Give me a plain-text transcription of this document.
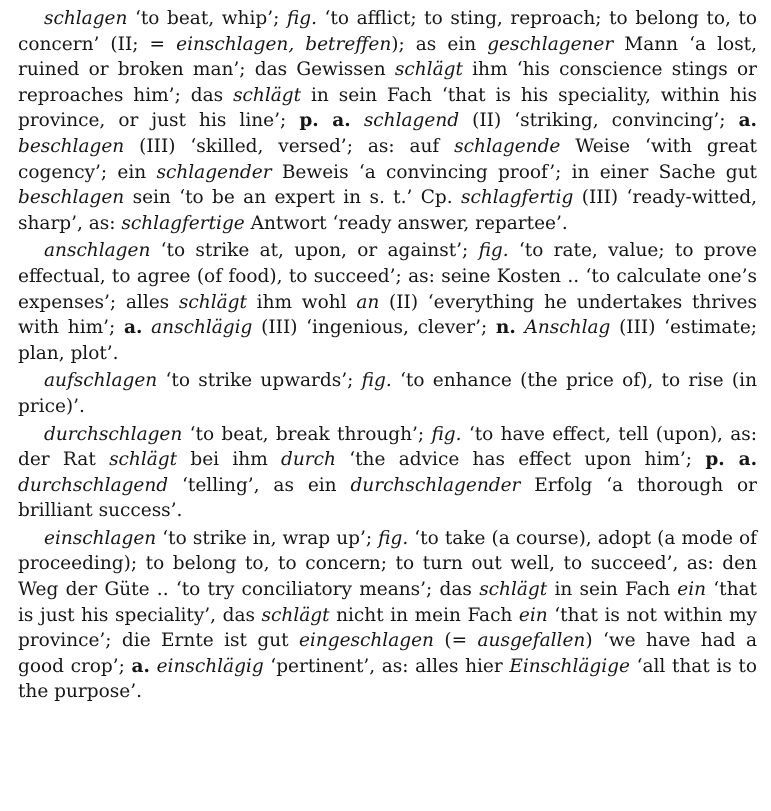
schlagen ‘to beat, whip’; fig. ‘to afflict; to sting, reproach; to belong to, to concern’ (II; = einschlagen, betreffen); as ein geschlagener Mann ‘a lost, ruined or broken man’; das Gewissen schlägt ihm ‘his conscience stings or reproaches him’; das schlägt in sein Fach ‘that is his speciality, within his province, or just his line’; p. a. schlagend (II) ‘striking, convincing’; a. beschlagen (III) ‘skilled, versed’; as: auf schlagende Weise ‘with great cogency’; ein schlagender Beweis ‘a convincing proof’; in einer Sache gut beschlagen sein ‘to be an expert in s. t.’ Cp. schlagfertig (III) ‘ready-witted, sharp’, as: schlagfertige Antwort ‘ready answer, repartee’.

anschlagen ‘to strike at, upon, or against’; fig. ‘to rate, value; to prove effectual, to agree (of food), to succeed’; as: seine Kosten .. ‘to calculate one’s expenses’; alles schlägt ihm wohl an (II) ‘everything he undertakes thrives with him’; a. anschlägig (III) ‘ingenious, clever’; n. Anschlag (III) ‘estimate; plan, plot’.

aufschlagen ‘to strike upwards’; fig. ‘to enhance (the price of), to rise (in price)’.

durchschlagen ‘to beat, break through’; fig. ‘to have effect, tell (upon), as: der Rat schlägt bei ihm durch ‘the advice has effect upon him’; p. a. durchschlagend ‘telling’, as ein durchschlagender Erfolg ‘a thorough or brilliant success’.

einschlagen ‘to strike in, wrap up’; fig. ‘to take (a course), adopt (a mode of proceeding); to belong to, to concern; to turn out well, to succeed’, as: den Weg der Güte .. ‘to try conciliatory means’; das schlägt in sein Fach ein ‘that is just his speciality’, das schlägt nicht in mein Fach ein ‘that is not within my province’; die Ernte ist gut eingeschlagen (= ausgefallen) ‘we have had a good crop’; a. einschlägig ‘pertinent’, as: alles hier Einschlägige ‘all that is to the purpose’.
